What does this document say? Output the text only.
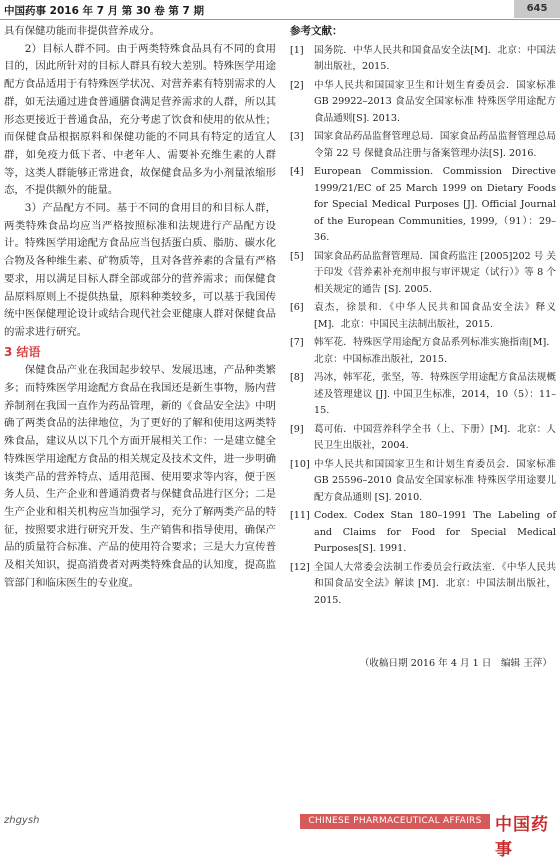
中国药事 2016 年 7 月 第 30 卷 第 7 期	645

具有保健功能而非提供营养成分。

2）目标人群不同。由于两类特殊食品具有不同的食用目的，因此所针对的目标人群具有较大差别。特殊医学用途配方食品适用于有特殊医学状况、对营养素有特别需求的人群，如无法通过进食普通膳食满足营养需求的人群，所以其形态更接近于普通食品，充分考虑了饮食和使用的依从性；而保健食品根据原料和保健功能的不同具有特定的适宜人群，如免疫力低下者、中老年人、需要补充维生素的人群等，这类人群能够正常进食，故保健食品多为小剂量浓缩形态，不提供额外的能量。

3）产品配方不同。基于不同的食用目的和目标人群，两类特殊食品均应当严格按照标准和法规进行产品配方设计。特殊医学用途配方食品应当包括蛋白质、脂肪、碳水化合物及各种维生素、矿物质等，且对各营养素的含量有严格要求，用以满足目标人群全部或部分的营养需求；而保健食品原料原则上不提供热量，原料种类较多，可以基于我国传统中医保健理论设计或结合现代社会亚健康人群对保健食品的需求进行研究。

3 结语

保健食品产业在我国起步较早、发展迅速，产品种类繁多；而特殊医学用途配方食品在我国还是新生事物，肠内营养制剂在我国一直作为药品管理，新的《食品安全法》中明确了两类食品的法律地位，为了更好的了解和使用这两类特殊食品，建议从以下几个方面开展相关工作：一是建立健全特殊医学用途配方食品的相关规定及技术文件，进一步明确该类产品的营养特点、适用范围、使用要求等内容，便于医务人员、生产企业和普通消费者与保健食品进行区分；二是生产企业和相关机构应当加强学习，充分了解两类产品的特征，按照要求进行研究开发、生产销售和指导使用，确保产品的质量符合标准、产品的使用符合要求；三是大力宣传普及相关知识，提高消费者对两类特殊食品的认知度，提高监管部门和临床医生的专业度。

参考文献：
[1]	国务院．中华人民共和国食品安全法[M]．北京：中国法制出版社，2015.
[2]	中华人民共和国国家卫生和计划生育委员会．国家标准 GB 29922–2013 食品安全国家标准 特殊医学用途配方食品通则[S]. 2013.
[3]	国家食品药品监督管理总局．国家食品药品监督管理总局令第 22 号 保健食品注册与备案管理办法[S]. 2016.
[4]	European Commission. Commission Directive 1999/21/EC of 25 March 1999 on Dietary Foods for Special Medical Purposes [J]. Official Journal of the European Communities, 1999,（91）：29–36.
[5]	国家食品药品监督管理局．国食药监注 [2005]202 号 关于印发《营养素补充剂申报与审评规定（试行）》等 8 个相关规定的通告 [S]. 2005.
[6]	袁杰，徐景和．《中华人民共和国食品安全法》释义[M]．北京：中国民主法制出版社，2015.
[7]	韩军花．特殊医学用途配方食品系列标准实施指南[M]．北京：中国标准出版社，2015.
[8]	冯冰，韩军花，张坚，等．特殊医学用途配方食品法规概述及管理建议 [J]. 中国卫生标准，2014，10（5）：11–15.
[9]	葛可佑．中国营养科学全书（上、下册）[M]．北京：人民卫生出版社，2004.
[10] 中华人民共和国国家卫生和计划生育委员会．国家标准 GB 25596–2010 食品安全国家标准 特殊医学用途婴儿配方食品通则 [S]. 2010.
[11] Codex. Codex Stan 180–1991 The Labeling of and Claims for Food for Special Medical Purposes[S]. 1991.
[12] 全国人大常委会法制工作委员会行政法室．《中华人民共和国食品安全法》解读 [M]．北京：中国法制出版社，2015.
（收稿日期 2016 年 4 月 1 日　编辑 王萍）
zhgysh	CHINESE PHARMACEUTICAL AFFAIRS 中国药事
